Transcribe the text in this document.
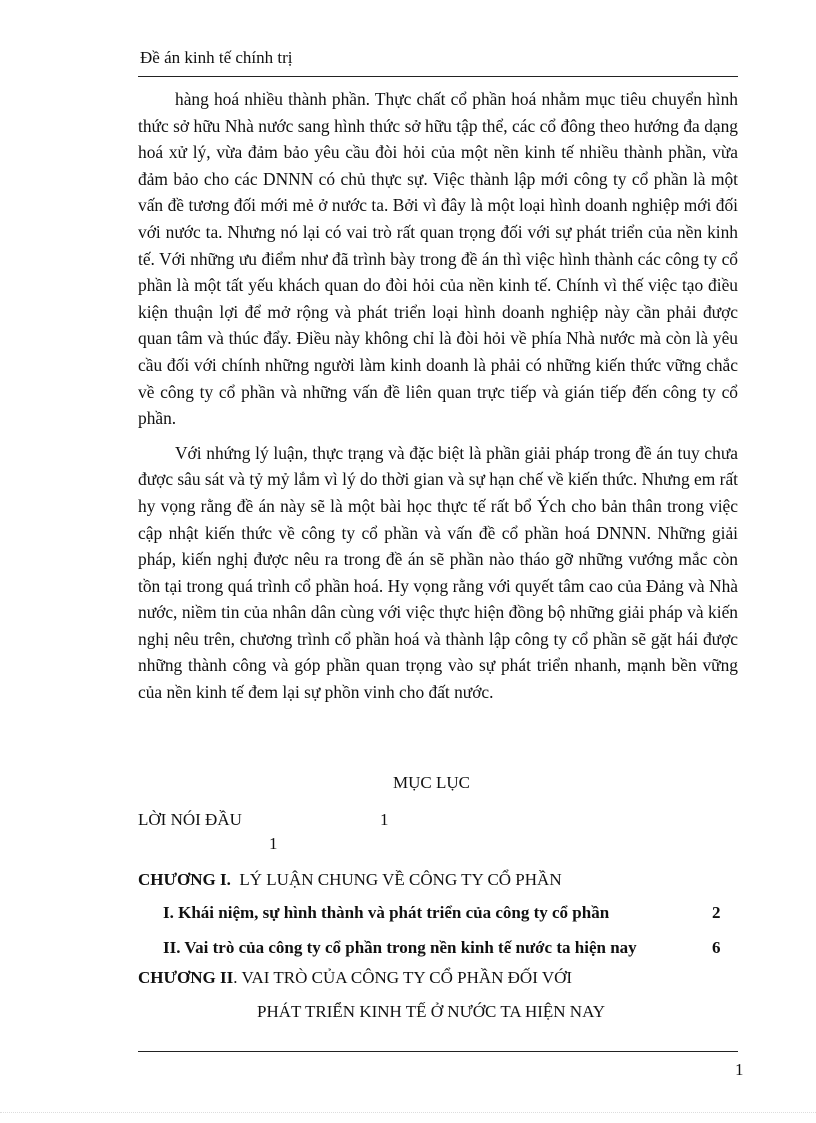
Đề án kinh tế chính trị

hàng hoá nhiều thành phần. Thực chất cổ phần hoá nhằm mục tiêu chuyển hình thức sở hữu Nhà nước sang hình thức sở hữu tập thể, các cổ đông theo hướng đa dạng hoá xử lý, vừa đảm bảo yêu cầu đòi hỏi của một nền kinh tế nhiều thành phần, vừa đảm bảo cho các DNNN có chủ thực sự. Việc thành lập mới công ty cổ phần là một vấn đề tương đối mới mẻ ở nước ta. Bởi vì đây là một loại hình doanh nghiệp mới đối với nước ta. Nhưng nó lại có vai trò rất quan trọng đối với sự phát triển của nền kinh tế. Với những ưu điểm như đã trình bày trong đề án thì việc hình thành các công ty cổ phần là một tất yếu khách quan do đòi hỏi của nền kinh tế. Chính vì thế việc tạo điều kiện thuận lợi để mở rộng và phát triển loại hình doanh nghiệp này cần phải được quan tâm và thúc đẩy. Điều này không chỉ là đòi hỏi về phía Nhà nước mà còn là yêu cầu đối với chính những người làm kinh doanh là phải có những kiến thức vững chắc về công ty cổ phần và những vấn đề liên quan trực tiếp và gián tiếp đến công ty cổ phần.

Với nhứng lý luận, thực trạng và đặc biệt là phần giải pháp trong đề án tuy chưa được sâu sát và tỷ mỷ lắm vì lý do thời gian và sự hạn chế về kiến thức. Nhưng em rất hy vọng rằng đề án này sẽ là một bài học thực tế rất bổ Ých cho bản thân trong việc cập nhật kiến thức về công ty cổ phần và vấn đề cổ phần hoá DNNN. Những giải pháp, kiến nghị được nêu ra trong đề án sẽ phần nào tháo gỡ những vướng mắc còn tồn tại trong quá trình cổ phần hoá. Hy vọng rằng với quyết tâm cao của Đảng và Nhà nước, niềm tin của nhân dân cùng với việc thực hiện đồng bộ những giải pháp và kiến nghị nêu trên, chương trình cổ phần hoá và thành lập công ty cổ phần sẽ gặt hái được những thành công và góp phần quan trọng vào sự phát triển nhanh, mạnh bền vững của nền kinh tế đem lại sự phồn vinh cho đất nước.

MỤC LỤC
LỜI NÓI ĐẦU	1
1
CHƯƠNG I. LÝ LUẬN CHUNG VỀ CÔNG TY CỔ PHẦN
I. Khái niệm, sự hình thành và phát triển của công ty cổ phần	2
II. Vai trò của công ty cổ phần trong nền kinh tế nước ta hiện nay	6
CHƯƠNG II. VAI TRÒ CỦA CÔNG TY CỔ PHẦN ĐỐI VỚI
PHÁT TRIỂN KINH TẾ Ở NƯỚC TA HIỆN NAY
1
